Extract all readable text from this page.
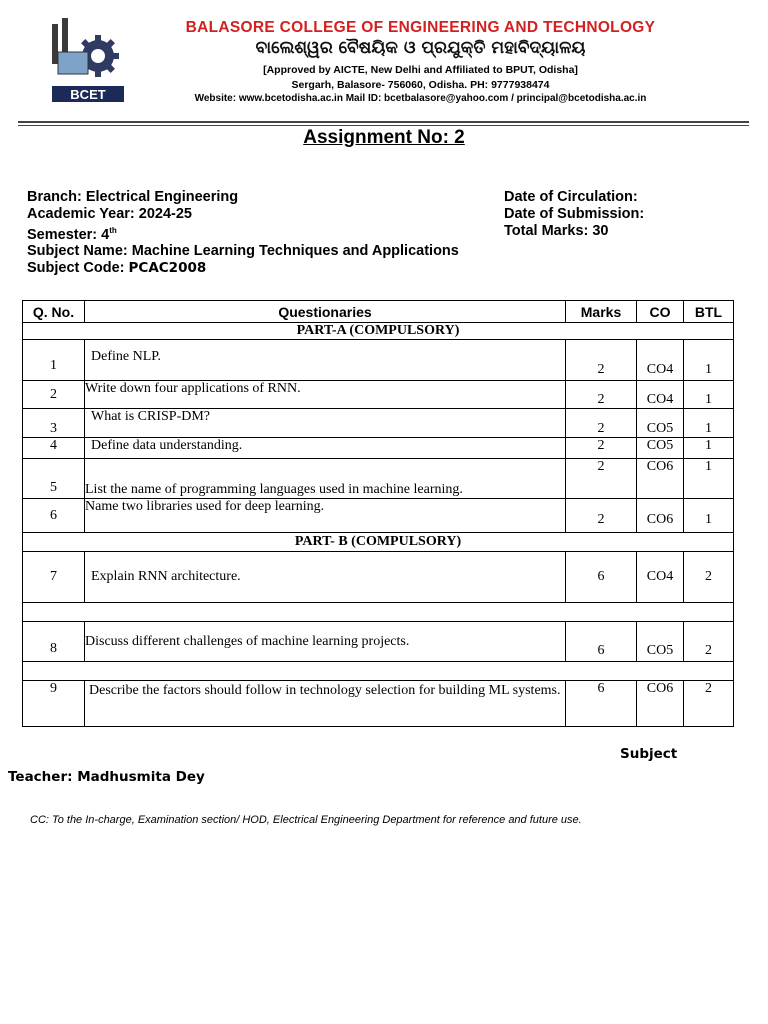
BCET
BALASORE COLLEGE OF ENGINEERING AND TECHNOLOGY
ବାଲେଶ୍ୱର ବୈଷୟିକ ଓ ପ୍ରଯୁକ୍ତି ମହାବିଦ୍ୟାଳୟ
[Approved by AICTE, New Delhi and Affiliated to BPUT, Odisha]
Sergarh, Balasore- 756060, Odisha. PH: 9777938474
Website: www.bcetodisha.ac.in Mail ID: bcetbalasore@yahoo.com / principal@bcetodisha.ac.in
Assignment No: 2
Branch: Electrical Engineering
Academic Year: 2024-25
Semester: 4th
Subject Name: Machine Learning Techniques and Applications
Subject Code: PCAC2008
Date of Circulation:
Date of Submission:
Total Marks: 30
Q. No.	Questionaries	Marks	CO	BTL
PART-A (COMPULSORY)				
1	Define NLP.	2	CO4	1
2	Write down four applications of RNN.	2	CO4	1
3	What is CRISP-DM?	2	CO5	1
4	Define data understanding.	2	CO5	1
5	List the name of programming languages used in machine learning.	2	CO6	1
6	Name two libraries used for deep learning.	2	CO6	1
PART- B (COMPULSORY)				
7	Explain RNN architecture.	6	CO4	2

8	Discuss different challenges of machine learning projects.	6	CO5	2

9	Describe the factors should follow in technology selection for building ML systems.	6	CO6	2
Subject
Teacher: Madhusmita Dey
CC: To the In-charge, Examination section/ HOD, Electrical Engineering Department for reference and future use.
